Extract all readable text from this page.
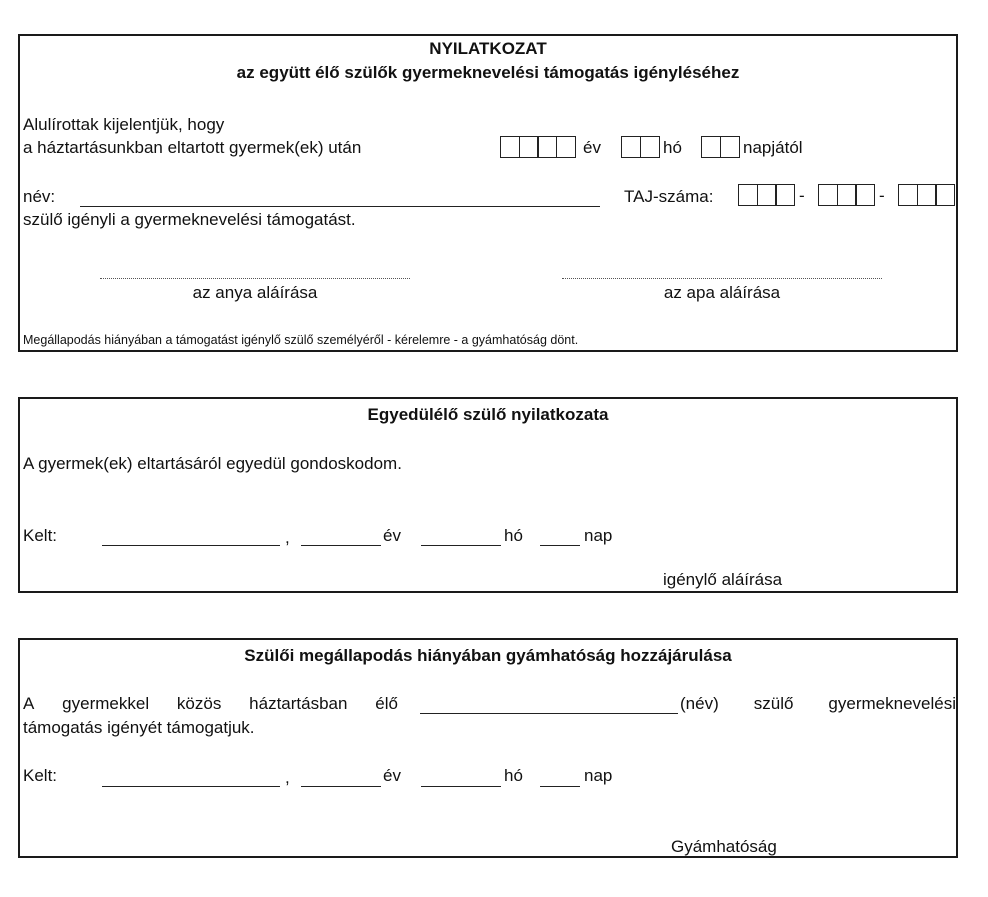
NYILATKOZAT
az együtt élő szülők gyermeknevelési támogatás igényléséhez
Alulírottak kijelentjük, hogy
a háztartásunkban eltartott gyermek(ek) után	év	hó	napjától
név:	TAJ-száma:	-	-
szülő igényli a gyermeknevelési támogatást.
az anya aláírása	az apa aláírása
Megállapodás hiányában a támogatást igénylő szülő személyéről - kérelemre - a gyámhatóság dönt.
Egyedülélő szülő nyilatkozata
A gyermek(ek) eltartásáról egyedül gondoskodom.
Kelt:	,	év	hó	nap
igénylő aláírása
Szülői megállapodás hiányában gyámhatóság hozzájárulása
A gyermekkel közös háztartásban élő	(név) szülő gyermeknevelési
támogatás igényét támogatjuk.
Kelt:	,	év	hó	nap
Gyámhatóság
